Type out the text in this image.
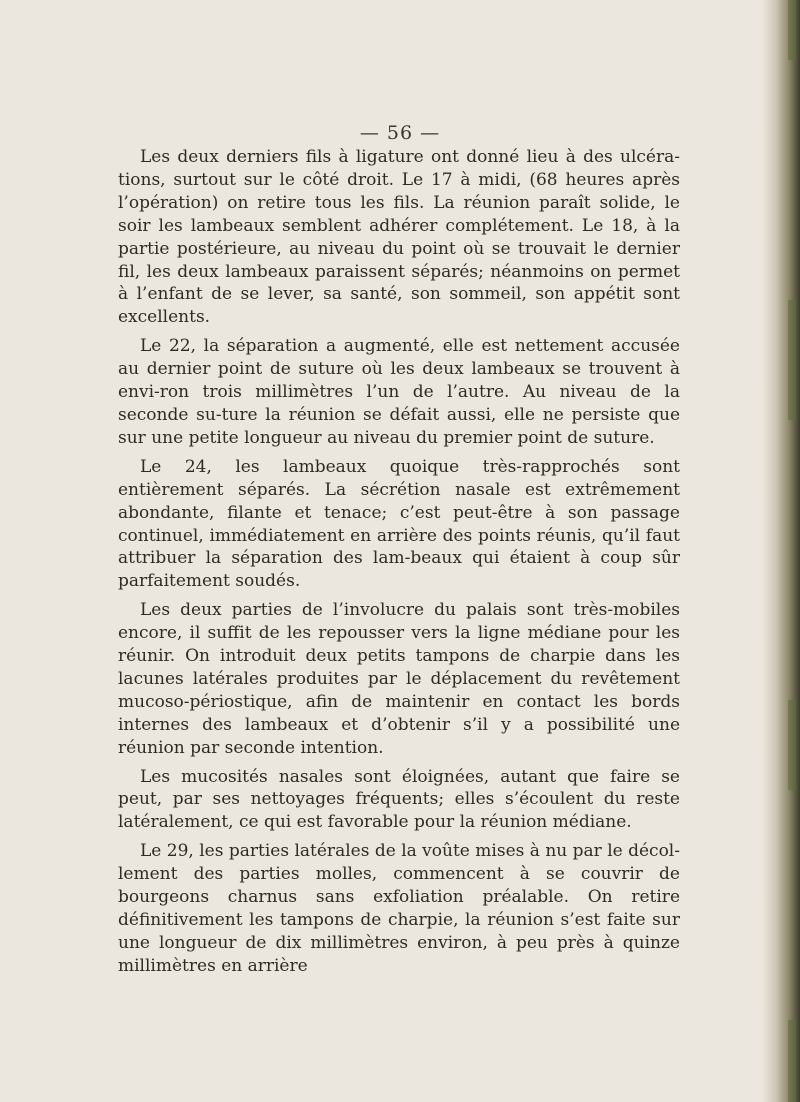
— 56 —

Les deux derniers fils à ligature ont donné lieu à des ulcéra-tions, surtout sur le côté droit. Le 17 à midi, (68 heures après l’opération) on retire tous les fils. La réunion paraît solide, le soir les lambeaux semblent adhérer complétement. Le 18, à la partie postérieure, au niveau du point où se trouvait le dernier fil, les deux lambeaux paraissent séparés; néanmoins on permet à l’enfant de se lever, sa santé, son sommeil, son appétit sont excellents.

Le 22, la séparation a augmenté, elle est nettement accusée au dernier point de suture où les deux lambeaux se trouvent à envi-ron trois millimètres l’un de l’autre. Au niveau de la seconde su-ture la réunion se défait aussi, elle ne persiste que sur une petite longueur au niveau du premier point de suture.

Le 24, les lambeaux quoique très-rapprochés sont entièrement séparés. La sécrétion nasale est extrêmement abondante, filante et tenace; c’est peut-être à son passage continuel, immédiatement en arrière des points réunis, qu’il faut attribuer la séparation des lam-beaux qui étaient à coup sûr parfaitement soudés.

Les deux parties de l’involucre du palais sont très-mobiles encore, il suffit de les repousser vers la ligne médiane pour les réunir. On introduit deux petits tampons de charpie dans les lacunes latérales produites par le déplacement du revêtement mucoso-périostique, afin de maintenir en contact les bords internes des lambeaux et d’obtenir s’il y a possibilité une réunion par seconde intention.

Les mucosités nasales sont éloignées, autant que faire se peut, par ses nettoyages fréquents; elles s’écoulent du reste latéralement, ce qui est favorable pour la réunion médiane.

Le 29, les parties latérales de la voûte mises à nu par le décol-lement des parties molles, commencent à se couvrir de bourgeons charnus sans exfoliation préalable. On retire définitivement les tampons de charpie, la réunion s’est faite sur une longueur de dix millimètres environ, à peu près à quinze millimètres en arrière
